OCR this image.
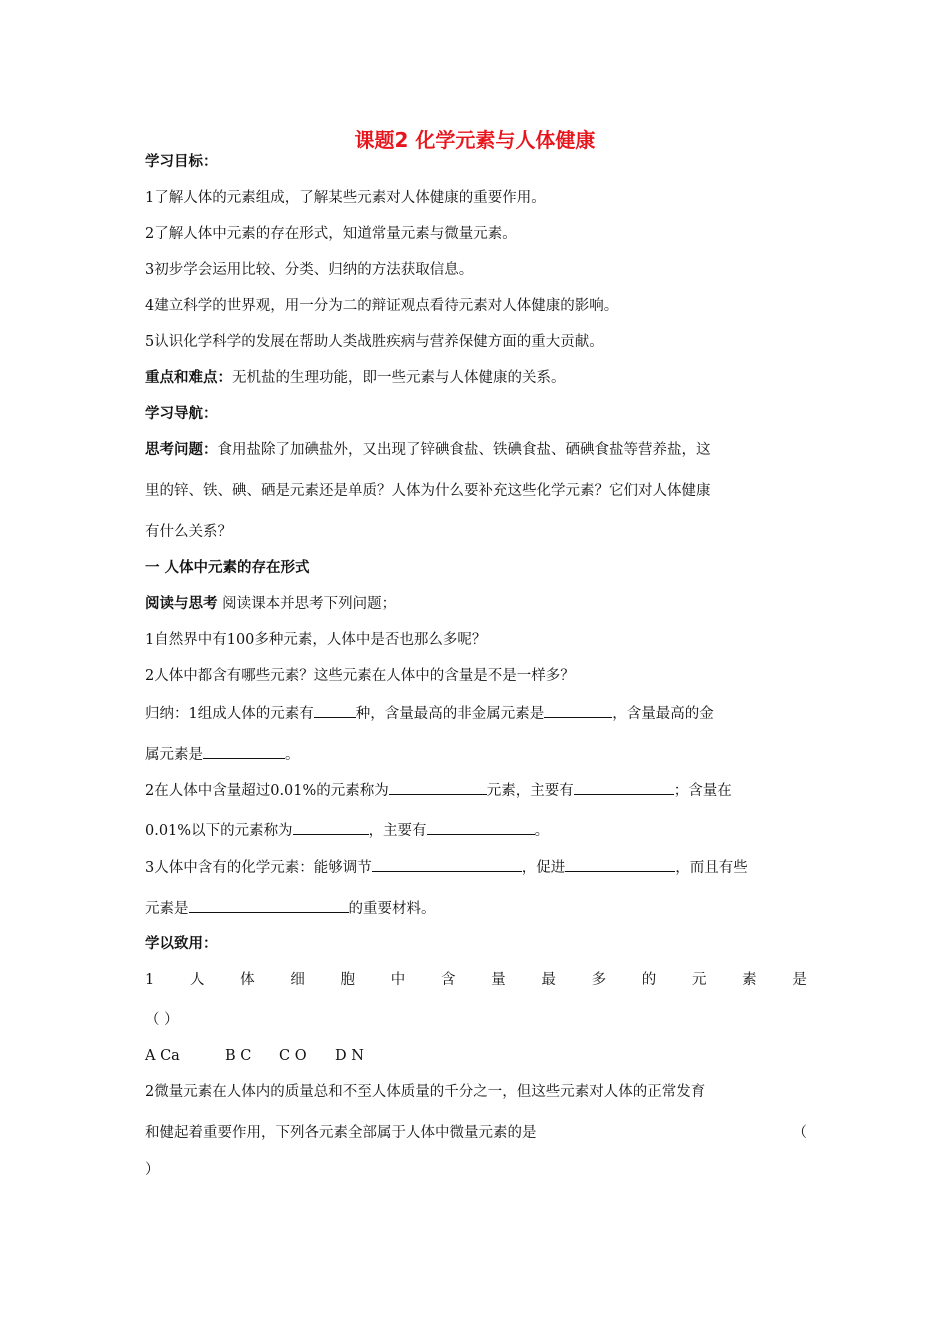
课题2 化学元素与人体健康
学习目标：
1了解人体的元素组成，了解某些元素对人体健康的重要作用。
2了解人体中元素的存在形式，知道常量元素与微量元素。
3初步学会运用比较、分类、归纳的方法获取信息。
4建立科学的世界观，用一分为二的辩证观点看待元素对人体健康的影响。
5认识化学科学的发展在帮助人类战胜疾病与营养保健方面的重大贡献。
重点和难点：无机盐的生理功能，即一些元素与人体健康的关系。
学习导航：
思考问题：食用盐除了加碘盐外，又出现了锌碘食盐、铁碘食盐、硒碘食盐等营养盐，这
里的锌、铁、碘、硒是元素还是单质？人体为什么要补充这些化学元素？它们对人体健康
有什么关系？
一 人体中元素的存在形式
阅读与思考 阅读课本并思考下列问题；
1自然界中有100多种元素，人体中是否也那么多呢？
2人体中都含有哪些元素？这些元素在人体中的含量是不是一样多？
归纳：1组成人体的元素有	种，含量最高的非金属元素是	，含量最高的金
属元素是	。
2在人体中含量超过0.01%的元素称为	元素，主要有	；含量在
0.01%以下的元素称为	，主要有	。
3人体中含有的化学元素：能够调节	，促进	，而且有些
元素是	的重要材料。
学以致用：
1 人 体 细 胞 中 含 量 最 多 的 元 素 是
（ ）
A Ca	B C C O D N
2微量元素在人体内的质量总和不至人体质量的千分之一，但这些元素对人体的正常发育
和健起着重要作用，下列各元素全部属于人体中微量元素的是	（
）
